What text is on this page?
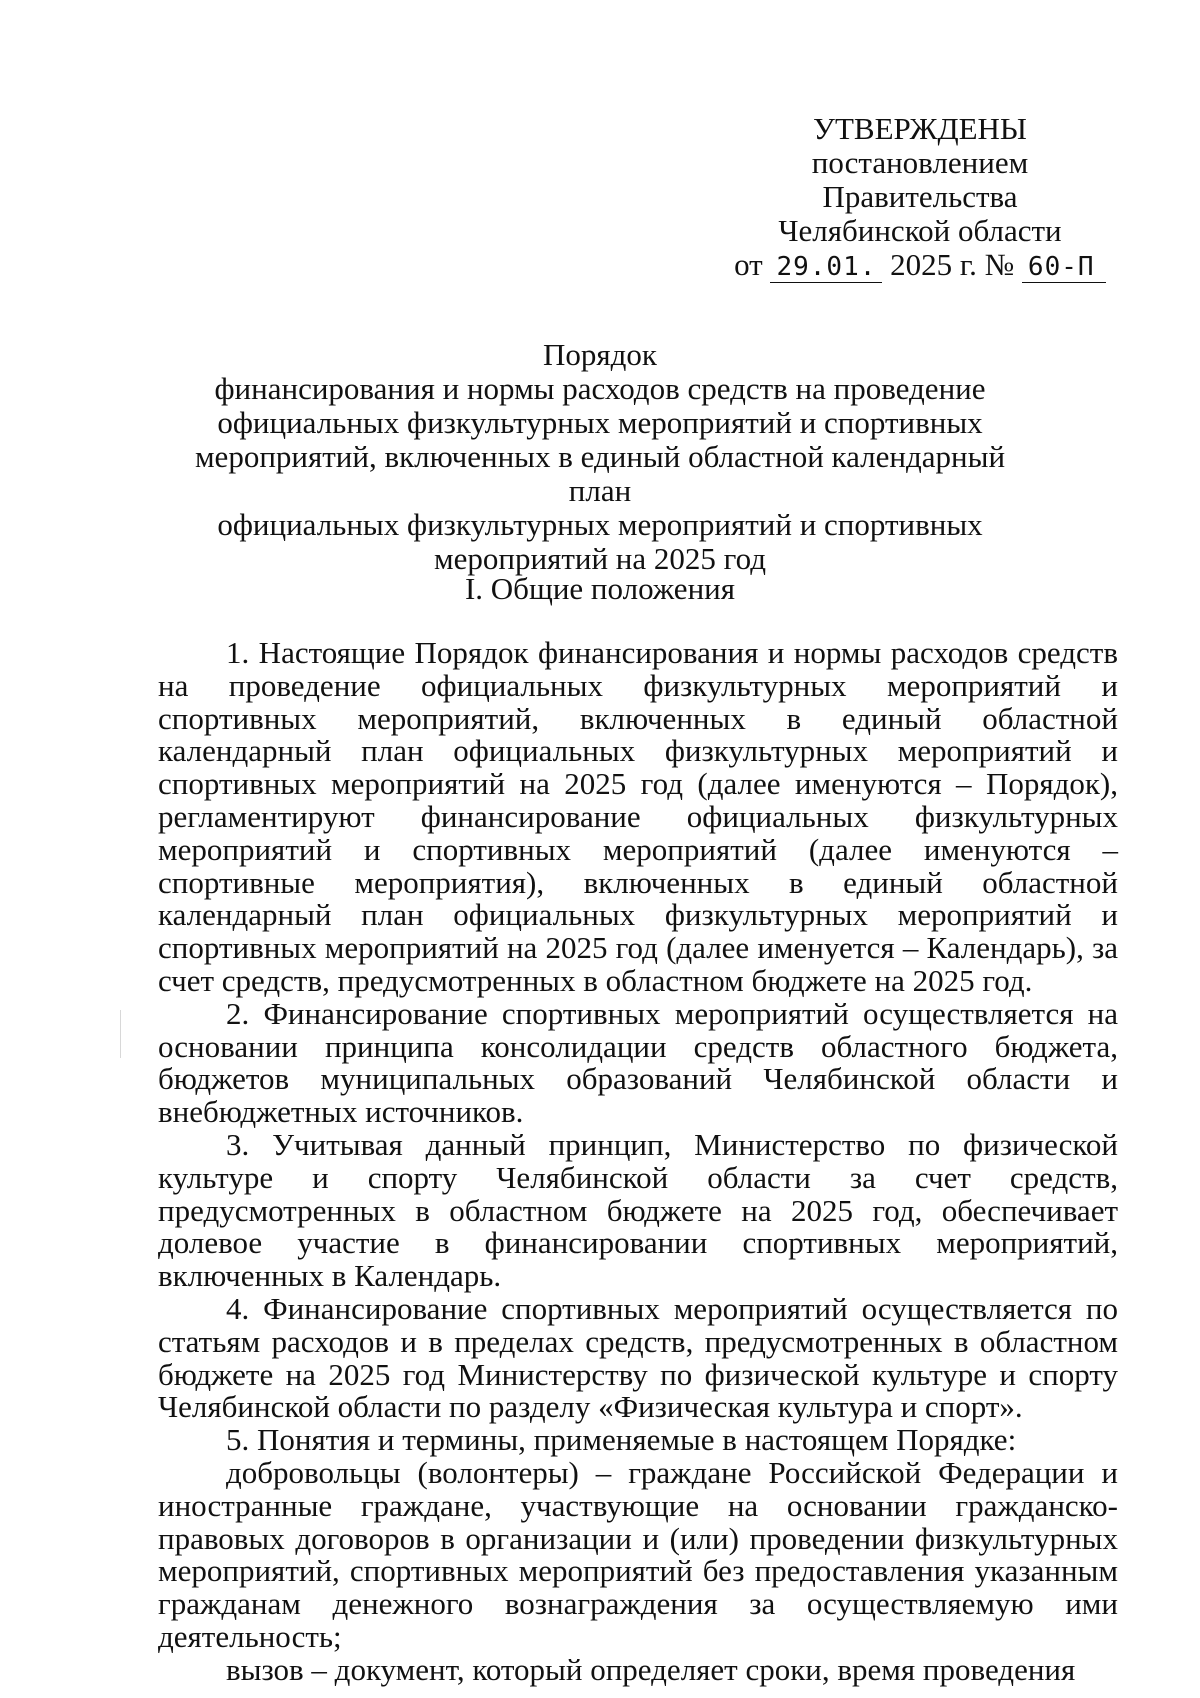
УТВЕРЖДЕНЫ
постановлением Правительства
Челябинской области
от 29.01. 2025 г. № 60-П
Порядок
финансирования и нормы расходов средств на проведение
официальных физкультурных мероприятий и спортивных
мероприятий, включенных в единый областной календарный план
официальных физкультурных мероприятий и спортивных
мероприятий на 2025 год
I. Общие положения

1. Настоящие Порядок финансирования и нормы расходов средств на проведение официальных физкультурных мероприятий и спортивных мероприятий, включенных в единый областной календарный план официальных физкультурных мероприятий и спортивных мероприятий на 2025 год (далее именуются – Порядок), регламентируют финансирование официальных физкультурных мероприятий и спортивных мероприятий (далее именуются – спортивные мероприятия), включенных в единый областной календарный план официальных физкультурных мероприятий и спортивных мероприятий на 2025 год (далее именуется – Календарь), за счет средств, предусмотренных в областном бюджете на 2025 год.

2. Финансирование спортивных мероприятий осуществляется на основании принципа консолидации средств областного бюджета, бюджетов муниципальных образований Челябинской области и внебюджетных источников.

3. Учитывая данный принцип, Министерство по физической культуре и спорту Челябинской области за счет средств, предусмотренных в областном бюджете на 2025 год, обеспечивает долевое участие в финансировании спортивных мероприятий, включенных в Календарь.

4. Финансирование спортивных мероприятий осуществляется по статьям расходов и в пределах средств, предусмотренных в областном бюджете на 2025 год Министерству по физической культуре и спорту Челябинской области по разделу «Физическая культура и спорт».

5. Понятия и термины, применяемые в настоящем Порядке:

добровольцы (волонтеры) – граждане Российской Федерации и иностранные граждане, участвующие на основании гражданско-правовых договоров в организации и (или) проведении физкультурных мероприятий, спортивных мероприятий без предоставления указанным гражданам денежного вознаграждения за осуществляемую ими деятельность;

вызов – документ, который определяет сроки, время проведения
